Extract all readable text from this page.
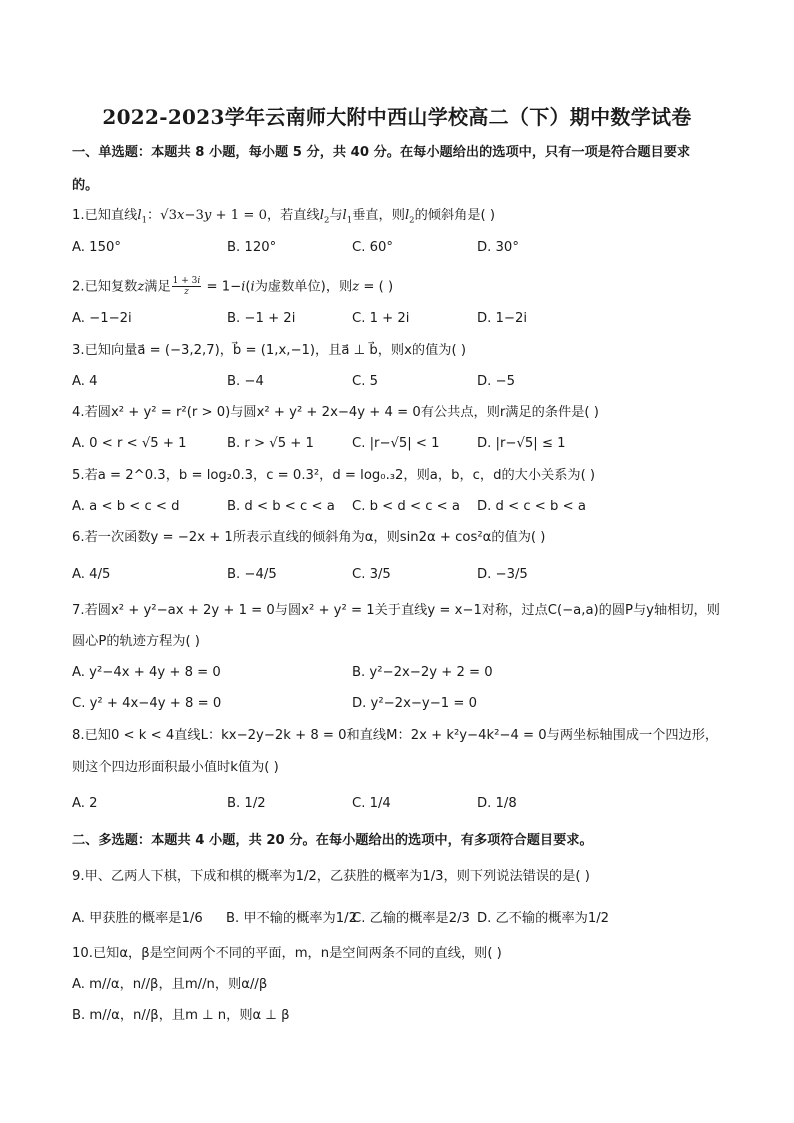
2022-2023学年云南师大附中西山学校高二（下）期中数学试卷
一、单选题：本题共 8 小题，每小题 5 分，共 40 分。在每小题给出的选项中，只有一项是符合题目要求
的。
1.已知直线$l_1$：√3x−3y + 1 = 0，若直线$l_2$与$l_1$垂直，则$l_2$的倾斜角是( )
A. 150°	B. 120°	C. 60°	D. 30°
2.已知复数z满足 $\frac{1 + 3i}{z} = 1-i(i$为虚数单位)，则z = ( )
A. −1−2i	B. −1 + 2i	C. 1 + 2i	D. 1−2i
3.已知向量a⃗ = (−3,2,7)，b⃗ = (1,x,−1)，且a⃗ ⊥ b⃗，则x的值为( )
A. 4	B. −4	C. 5	D. −5
4.若圆x² + y² = r²(r > 0)与圆x² + y² + 2x−4y + 4 = 0有公共点，则r满足的条件是( )
A. 0 < r < √5 + 1	B. r > √5 + 1	C. |r−√5| < 1	D. |r−√5| ≤ 1
5.若a = 2^0.3，b = log₂0.3，c = 0.3²，d = log₀.₃2，则a，b，c，d的大小关系为( )
A. a < b < c < d	B. d < b < c < a C. b < d < c < a D. d < c < b < a
6.若一次函数y = −2x + 1所表示直线的倾斜角为α，则sin2α + cos²α的值为( )
A. 4/5	B. −4/5	C. 3/5	D. −3/5
7.若圆x² + y²−ax + 2y + 1 = 0与圆x² + y² = 1关于直线y = x−1对称，过点C(−a,a)的圆P与y轴相切，则
圆心P的轨迹方程为( )
A. y²−4x + 4y + 8 = 0	B. y²−2x−2y + 2 = 0
C. y² + 4x−4y + 8 = 0	D. y²−2x−y−1 = 0
8.已知0 < k < 4直线L：kx−2y−2k + 8 = 0和直线M：2x + k²y−4k²−4 = 0与两坐标轴围成一个四边形，
则这个四边形面积最小值时k值为( )
A. 2	B. 1/2	C. 1/4	D. 1/8
二、多选题：本题共 4 小题，共 20 分。在每小题给出的选项中，有多项符合题目要求。
9.甲、乙两人下棋，下成和棋的概率为1/2，乙获胜的概率为1/3，则下列说法错误的是( )
A. 甲获胜的概率是1/6 B. 甲不输的概率为1/2
C. 乙输的概率是2/3 D. 乙不输的概率为1/2
10.已知α，β是空间两个不同的平面，m，n是空间两条不同的直线，则( )
A. m//α，n//β，且m//n，则α//β
B. m//α，n//β，且m ⊥ n，则α ⊥ β
